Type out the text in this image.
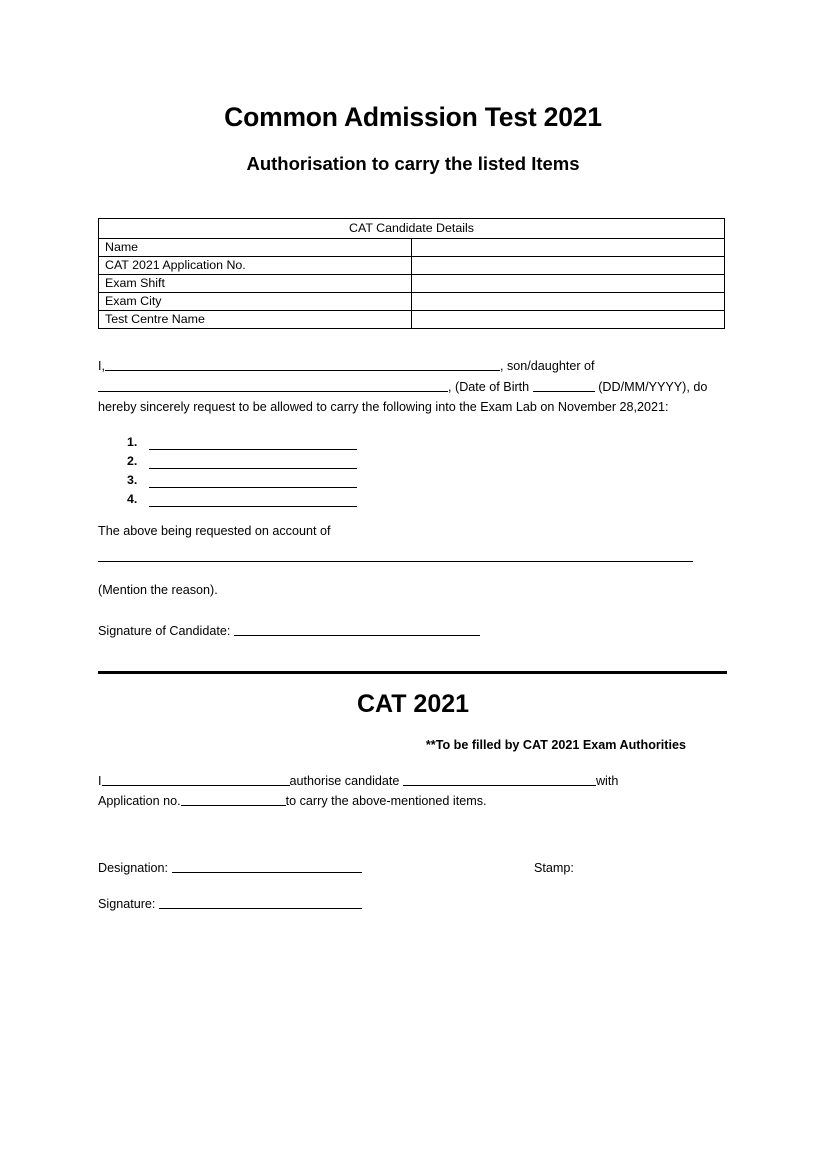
Common Admission Test 2021
Authorisation to carry the listed Items
CAT Candidate Details	
Name	
CAT 2021 Application No.	
Exam Shift	
Exam City	
Test Centre Name	

I,	, son/daughter of
, (Date of Birth	(DD/MM/YYYY), do hereby sincerely request to be allowed to carry the following into the Exam Lab on November 28,2021:

1.
2.
3.
4.

The above being requested on account of

(Mention the reason).

Signature of Candidate:

CAT 2021

**To be filled by CAT 2021 Exam Authorities

I	authorise candidate	with Application no.	to carry the above-mentioned items.

Designation:	Stamp:

Signature:
